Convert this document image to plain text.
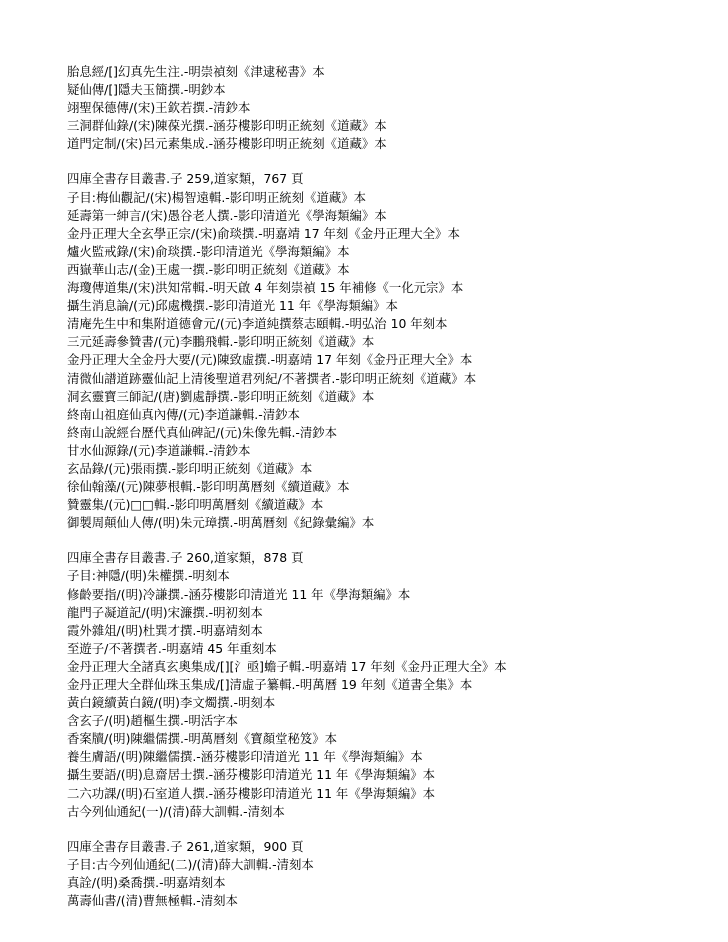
胎息經/[]幻真先生注.-明崇禎刻《津逮秘書》本
疑仙傳/[]隱夫玉簡撰.-明鈔本
翊聖保德傳/(宋)王欽若撰.-清鈔本
三洞群仙錄/(宋)陳葆光撰.-涵芬樓影印明正統刻《道藏》本
道門定制/(宋)呂元素集成.-涵芬樓影印明正統刻《道藏》本
四庫全書存目叢書.子 259,道家類，767 頁
子目:梅仙觀記/(宋)楊智遠輯.-影印明正統刻《道藏》本
延壽第一紳言/(宋)愚谷老人撰.-影印清道光《學海類編》本
金丹正理大全玄學正宗/(宋)俞琰撰.-明嘉靖 17 年刻《金丹正理大全》本
爐火監戒錄/(宋)俞琰撰.-影印清道光《學海類編》本
西嶽華山志/(金)王處一撰.-影印明正統刻《道藏》本
海瓊傳道集/(宋)洪知常輯.-明天啟 4 年刻崇禎 15 年補修《一化元宗》本
攝生消息論/(元)邱處機撰.-影印清道光 11 年《學海類編》本
清庵先生中和集附道德會元/(元)李道純撰蔡志頤輯.-明弘治 10 年刻本
三元延壽參贊書/(元)李鵬飛輯.-影印明正統刻《道藏》本
金丹正理大全金丹大要/(元)陳致虛撰.-明嘉靖 17 年刻《金丹正理大全》本
清微仙譜道跡靈仙記上清後聖道君列紀/不著撰者.-影印明正統刻《道藏》本
洞玄靈寶三師記/(唐)劉處靜撰.-影印明正統刻《道藏》本
終南山祖庭仙真內傳/(元)李道謙輯.-清鈔本
終南山說經台歷代真仙碑記/(元)朱像先輯.-清鈔本
甘水仙源錄/(元)李道謙輯.-清鈔本
玄品錄/(元)張雨撰.-影印明正統刻《道藏》本
徐仙翰藻/(元)陳夢根輯.-影印明萬曆刻《續道藏》本
贊靈集/(元)□□輯.-影印明萬曆刻《續道藏》本
御製周顛仙人傳/(明)朱元璋撰.-明萬曆刻《紀錄彙編》本
四庫全書存目叢書.子 260,道家類，878 頁
子目:神隱/(明)朱權撰.-明刻本
修齡要指/(明)冷謙撰.-涵芬樓影印清道光 11 年《學海類編》本
龍門子凝道記/(明)宋濂撰.-明初刻本
霞外雜俎/(明)杜巽才撰.-明嘉靖刻本
至遊子/不著撰者.-明嘉靖 45 年重刻本
金丹正理大全諸真玄奧集成/[][氵亟]蟾子輯.-明嘉靖 17 年刻《金丹正理大全》本
金丹正理大全群仙珠玉集成/[]清虛子纂輯.-明萬曆 19 年刻《道書全集》本
黃白鏡續黃白鏡/(明)李文燭撰.-明刻本
含玄子/(明)趙樞生撰.-明活字本
香案牘/(明)陳繼儒撰.-明萬曆刻《寶顏堂秘笈》本
養生膚語/(明)陳繼儒撰.-涵芬樓影印清道光 11 年《學海類編》本
攝生要語/(明)息齋居士撰.-涵芬樓影印清道光 11 年《學海類編》本
二六功課/(明)石室道人撰.-涵芬樓影印清道光 11 年《學海類編》本
古今列仙通紀(一)/(清)薛大訓輯.-清刻本
四庫全書存目叢書.子 261,道家類，900 頁
子目:古今列仙通紀(二)/(清)薛大訓輯.-清刻本
真詮/(明)桑喬撰.-明嘉靖刻本
萬壽仙書/(清)曹無極輯.-清刻本
